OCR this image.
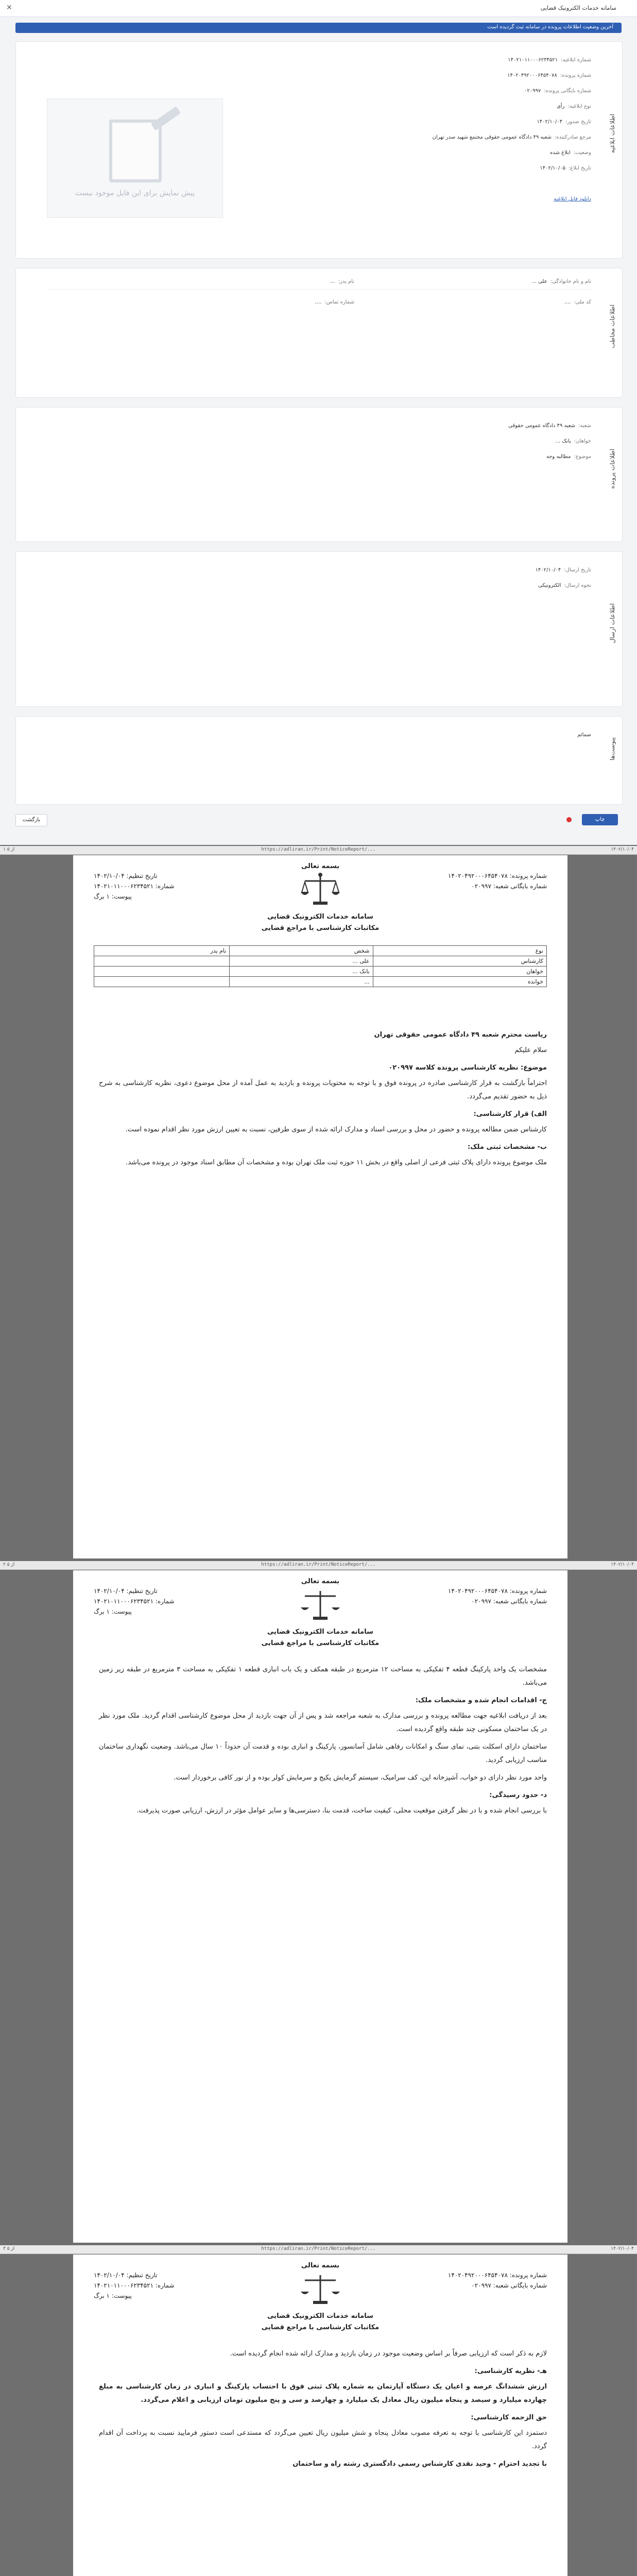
سامانه خدمات الکترونیک قضایی
✕
آخرین وضعیت اطلاعات پرونده در سامانه ثبت گردیده است
اطلاعات ابلاغیه
پیش نمایش برای این فایل موجود نیست
شماره ابلاغیه:۱۴۰۲۱۰۱۱۰۰۰۶۲۳۴۵۲۱
شماره پرونده:۱۴۰۲۰۴۹۲۰۰۰۶۴۵۴۰۷۸
شماره بایگانی پرونده:۰۲۰۹۹۷
نوع ابلاغیه:رأی
تاریخ صدور:۱۴۰۲/۱۰/۰۴
مرجع صادرکننده:شعبه ۴۹ دادگاه عمومی حقوقی مجتمع شهید صدر تهران
وضعیت:ابلاغ شده
تاریخ ابلاغ:۱۴۰۲/۱۰/۰۵
دانلود فایل ابلاغیه
اطلاعات مخاطب
نام و نام خانوادگی:علی ...
نام پدر:...
کد ملی:....
شماره تماس:....
اطلاعات پرونده
شعبه:شعبه ۴۹ دادگاه عمومی حقوقی
خواهان:بانک ...
موضوع:مطالبه وجه
اطلاعات ارسال
تاریخ ارسال:۱۴۰۲/۱۰/۰۴
نحوه ارسال:الکترونیکی
پیوست‌ها
ضمائم
بازگشت	چاپ
۱ از ۵	https://adliran.ir/Print/NoticeReport/...	۱۴۰۲/۱۰/۰۴
بسمه تعالی
شماره پرونده: ۱۴۰۲۰۴۹۲۰۰۰۶۴۵۴۰۷۸
شماره بایگانی شعبه: ۰۲۰۹۹۷
تاریخ تنظیم: ۱۴۰۲/۱۰/۰۴
شماره: ۱۴۰۲۱۰۱۱۰۰۰۶۲۳۴۵۲۱
پیوست: ۱ برگ
سامانه خدمات الکترونیک قضایی
مکاتبات کارشناسی با مراجع قضایی
نوع	شخص	نام پدر
کارشناس	علی ...	
خواهان	بانک ...	
خوانده	...	
ریاست محترم شعبه ۴۹ دادگاه عمومی حقوقی تهران

سلام علیکم

موضوع: نظریه کارشناسی پرونده کلاسه ۰۲۰۹۹۷

احتراماً بازگشت به قرار کارشناسی صادره در پرونده فوق و با توجه به محتویات پرونده و بازدید به عمل آمده از محل موضوع دعوی، نظریه کارشناسی به شرح ذیل به حضور تقدیم می‌گردد.

الف) قرار کارشناسی:

کارشناس ضمن مطالعه پرونده و حضور در محل و بررسی اسناد و مدارک ارائه شده از سوی طرفین، نسبت به تعیین ارزش مورد نظر اقدام نموده است.

ب- مشخصات ثبتی ملک:

ملک موضوع پرونده دارای پلاک ثبتی فرعی از اصلی واقع در بخش ۱۱ حوزه ثبت ملک تهران بوده و مشخصات آن مطابق اسناد موجود در پرونده می‌باشد.

۲ از ۵	https://adliran.ir/Print/NoticeReport/...	۱۴۰۲/۱۰/۰۴
بسمه تعالی
شماره پرونده: ۱۴۰۲۰۴۹۲۰۰۰۶۴۵۴۰۷۸
شماره بایگانی شعبه: ۰۲۰۹۹۷
تاریخ تنظیم: ۱۴۰۲/۱۰/۰۴
شماره: ۱۴۰۲۱۰۱۱۰۰۰۶۲۳۴۵۲۱
پیوست: ۱ برگ
سامانه خدمات الکترونیک قضایی
مکاتبات کارشناسی با مراجع قضایی

مشخصات یک واحد پارکینگ قطعه ۴ تفکیکی به مساحت ۱۲ مترمربع در طبقه همکف و یک باب انباری قطعه ۱ تفکیکی به مساحت ۳ مترمربع در طبقه زیر زمین می‌باشد.

ج- اقدامات انجام شده و مشخصات ملک:

بعد از دریافت ابلاغیه جهت مطالعه پرونده و بررسی مدارک به شعبه مراجعه شد و پس از آن جهت بازدید از محل موضوع کارشناسی اقدام گردید. ملک مورد نظر در یک ساختمان مسکونی چند طبقه واقع گردیده است.

ساختمان دارای اسکلت بتنی، نمای سنگ و امکانات رفاهی شامل آسانسور، پارکینگ و انباری بوده و قدمت آن حدوداً ۱۰ سال می‌باشد. وضعیت نگهداری ساختمان مناسب ارزیابی گردید.

واحد مورد نظر دارای دو خواب، آشپزخانه اپن، کف سرامیک، سیستم گرمایش پکیج و سرمایش کولر بوده و از نور کافی برخوردار است.

د- حدود رسیدگی:

با بررسی انجام شده و با در نظر گرفتن موقعیت محلی، کیفیت ساخت، قدمت بنا، دسترسی‌ها و سایر عوامل مؤثر در ارزش، ارزیابی صورت پذیرفت.

۳ از ۵	https://adliran.ir/Print/NoticeReport/...	۱۴۰۲/۱۰/۰۴
بسمه تعالی
شماره پرونده: ۱۴۰۲۰۴۹۲۰۰۰۶۴۵۴۰۷۸
شماره بایگانی شعبه: ۰۲۰۹۹۷
تاریخ تنظیم: ۱۴۰۲/۱۰/۰۴
شماره: ۱۴۰۲۱۰۱۱۰۰۰۶۲۳۴۵۲۱
پیوست: ۱ برگ
سامانه خدمات الکترونیک قضایی
مکاتبات کارشناسی با مراجع قضایی

لازم به ذکر است که ارزیابی صرفاً بر اساس وضعیت موجود در زمان بازدید و مدارک ارائه شده انجام گردیده است.

هـ- نظریه کارشناسی:

ارزش ششدانگ عرصه و اعیان یک دستگاه آپارتمان به شماره پلاک ثبتی فوق با احتساب پارکینگ و انباری در زمان کارشناسی به مبلغ چهارده میلیارد و سیصد و پنجاه میلیون ریال معادل یک میلیارد و چهارصد و سی و پنج میلیون تومان ارزیابی و اعلام می‌گردد.

حق الزحمه کارشناسی:

دستمزد این کارشناسی با توجه به تعرفه مصوب معادل پنجاه و شش میلیون ریال تعیین می‌گردد که مستدعی است دستور فرمایید نسبت به پرداخت آن اقدام گردد.

با تجدید احترام - وحید نقدی کارشناس رسمی دادگستری رشته راه و ساختمان
